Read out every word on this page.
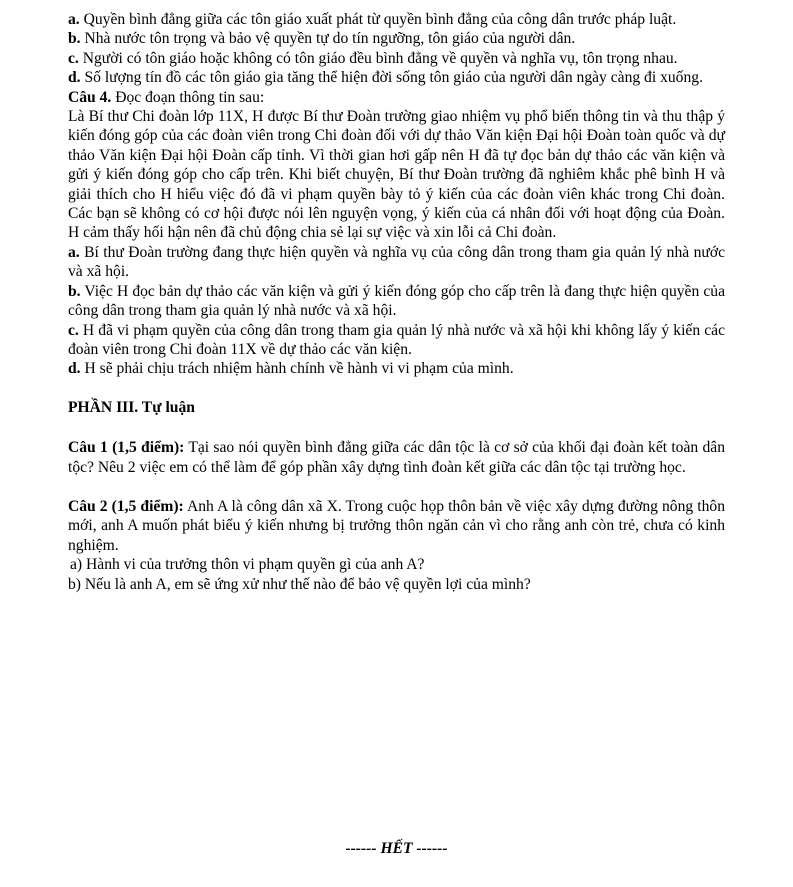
a. Quyền bình đẳng giữa các tôn giáo xuất phát từ quyền bình đẳng của công dân trước pháp luật.

b. Nhà nước tôn trọng và bảo vệ quyền tự do tín ngưỡng, tôn giáo của người dân.

c. Người có tôn giáo hoặc không có tôn giáo đều bình đẳng về quyền và nghĩa vụ, tôn trọng nhau.

d. Số lượng tín đồ các tôn giáo gia tăng thể hiện đời sống tôn giáo của người dân ngày càng đi xuống.

Câu 4. Đọc đoạn thông tin sau:

Là Bí thư Chi đoàn lớp 11X, H được Bí thư Đoàn trường giao nhiệm vụ phổ biến thông tin và thu thập ý kiến đóng góp của các đoàn viên trong Chi đoàn đối với dự thảo Văn kiện Đại hội Đoàn toàn quốc và dự thảo Văn kiện Đại hội Đoàn cấp tỉnh. Vì thời gian hơi gấp nên H đã tự đọc bản dự thảo các văn kiện và gửi ý kiến đóng góp cho cấp trên. Khi biết chuyện, Bí thư Đoàn trường đã nghiêm khắc phê bình H và giải thích cho H hiểu việc đó đã vi phạm quyền bày tỏ ý kiến của các đoàn viên khác trong Chi đoàn. Các bạn sẽ không có cơ hội được nói lên nguyện vọng, ý kiến của cá nhân đối với hoạt động của Đoàn. H cảm thấy hối hận nên đã chủ động chia sẻ lại sự việc và xin lỗi cả Chi đoàn.

a. Bí thư Đoàn trường đang thực hiện quyền và nghĩa vụ của công dân trong tham gia quản lý nhà nước và xã hội.

b. Việc H đọc bản dự thảo các văn kiện và gửi ý kiến đóng góp cho cấp trên là đang thực hiện quyền của công dân trong tham gia quản lý nhà nước và xã hội.

c. H đã vi phạm quyền của công dân trong tham gia quản lý nhà nước và xã hội khi không lấy ý kiến các đoàn viên trong Chi đoàn 11X về dự thảo các văn kiện.

d. H sẽ phải chịu trách nhiệm hành chính về hành vi vi phạm của mình.

PHẦN III. Tự luận

Câu 1 (1,5 điểm): Tại sao nói quyền bình đẳng giữa các dân tộc là cơ sở của khối đại đoàn kết toàn dân tộc? Nêu 2 việc em có thể làm để góp phần xây dựng tình đoàn kết giữa các dân tộc tại trường học.

Câu 2 (1,5 điểm): Anh A là công dân xã X. Trong cuộc họp thôn bản về việc xây dựng đường nông thôn mới, anh A muốn phát biểu ý kiến nhưng bị trưởng thôn ngăn cản vì cho rằng anh còn trẻ, chưa có kinh nghiệm.

a) Hành vi của trưởng thôn vi phạm quyền gì của anh A?

b) Nếu là anh A, em sẽ ứng xử như thế nào để bảo vệ quyền lợi của mình?

------ HẾT ------
